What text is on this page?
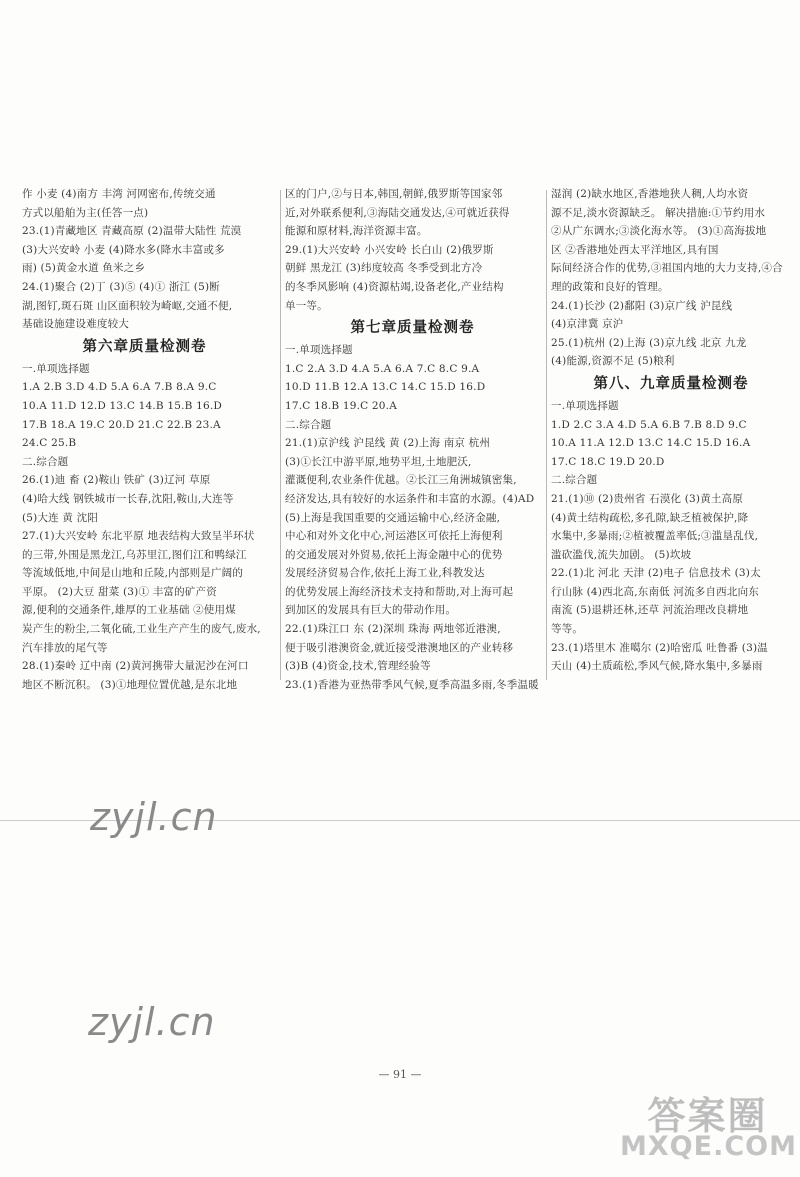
作 小麦 (4)南方 丰湾 河网密布,传统交通
方式以船舶为主(任答一点)
23.(1)青藏地区 青藏高原 (2)温带大陆性 荒漠
(3)大兴安岭 小麦 (4)降水多(降水丰富或多
雨) (5)黄金水道 鱼米之乡
24.(1)聚合 (2)丁 (3)⑤ (4)① 浙江 (5)断
湖,图钉,斑石斑 山区面积较为崎岖,交通不便,
基础设施建设难度较大
第六章质量检测卷
一.单项选择题
1.A 2.B 3.D 4.D 5.A 6.A 7.B 8.A 9.C
10.A 11.D 12.D 13.C 14.B 15.B 16.D
17.B 18.A 19.C 20.D 21.C 22.B 23.A
24.C 25.B
二.综合题
26.(1)迪 畜 (2)鞍山 铁矿 (3)辽河 草原
(4)哈大线 钢铁城市一长春,沈阳,鞍山,大连等
(5)大连 黄 沈阳
27.(1)大兴安岭 东北平原 地表结构大致呈半环状
的三带,外围是黑龙江,乌苏里江,图们江和鸭绿江
等流域低地,中间是山地和丘陵,内部则是广阔的
平原。 (2)大豆 甜菜 (3)① 丰富的矿产资
源,便利的交通条件,雄厚的工业基础 ②使用煤
炭产生的粉尘,二氧化硫,工业生产产生的废气,废水,
汽车排放的尾气等
28.(1)秦岭 辽中南 (2)黄河携带大量泥沙在河口
地区不断沉积。 (3)①地理位置优越,是东北地
区的门户,②与日本,韩国,朝鲜,俄罗斯等国家邻
近,对外联系便利,③海陆交通发达,④可就近获得
能源和原材料,海洋资源丰富。
29.(1)大兴安岭 小兴安岭 长白山 (2)俄罗斯
朝鲜 黑龙江 (3)纬度较高 冬季受到北方冷
的冬季风影响 (4)资源枯竭,设备老化,产业结构
单一等。
第七章质量检测卷
一.单项选择题
1.C 2.A 3.D 4.A 5.A 6.A 7.C 8.C 9.A
10.D 11.B 12.A 13.C 14.C 15.D 16.D
17.C 18.B 19.C 20.A
二.综合题
21.(1)京沪线 沪昆线 黄 (2)上海 南京 杭州
(3)①长江中游平原,地势平坦,土地肥沃,
灌溉便利,农业条件优越。②长江三角洲城镇密集,
经济发达,具有较好的水运条件和丰富的水源。(4)AD
(5)上海是我国重要的交通运输中心,经济金融,
中心和对外文化中心,河运港区可依托上海便利
的交通发展对外贸易,依托上海金融中心的优势
发展经济贸易合作,依托上海工业,科教发达
的优势发展上海经济技术支持和帮助,对上海可起
到加区的发展具有巨大的带动作用。
22.(1)珠江口 东 (2)深圳 珠海 两地邻近港澳,
便于吸引港澳资金,就近接受港澳地区的产业转移
(3)B (4)资金,技术,管理经验等
23.(1)香港为亚热带季风气候,夏季高温多雨,冬季温暖
湿润 (2)缺水地区,香港地狭人稠,人均水资
源不足,淡水资源缺乏。 解决措施:①节约用水
②从广东调水;③淡化海水等。 (3)①高海拔地
区 ②香港地处西太平洋地区,具有国
际间经济合作的优势,③祖国内地的大力支持,④合
理的政策和良好的管理。
24.(1)长沙 (2)鄱阳 (3)京广线 沪昆线
(4)京津冀 京沪
25.(1)杭州 (2)上海 (3)京九线 北京 九龙
(4)能源,资源不足 (5)粮利
第八、九章质量检测卷
一.单项选择题
1.D 2.C 3.A 4.D 5.A 6.B 7.B 8.D 9.C
10.A 11.A 12.D 13.C 14.C 15.D 16.A
17.C 18.C 19.D 20.D
二.综合题
21.(1)⑩ (2)贵州省 石漠化 (3)黄土高原
(4)黄土结构疏松,多孔隙,缺乏植被保护,降
水集中,多暴雨;②植被覆盖率低;③滥垦乱伐,
滥砍滥伐,流失加剧。 (5)坎坡
22.(1)北 河北 天津 (2)电子 信息技术 (3)太
行山脉 (4)西北高,东南低 河流多自西北向东
南流 (5)退耕还林,还草 河流治理改良耕地
等等。
23.(1)塔里木 准噶尔 (2)哈密瓜 吐鲁番 (3)温
天山 (4)土质疏松,季风气候,降水集中,多暴雨
zyjl.cn
zyjl.cn
— 91 —
答案圈
MXQE.COM
